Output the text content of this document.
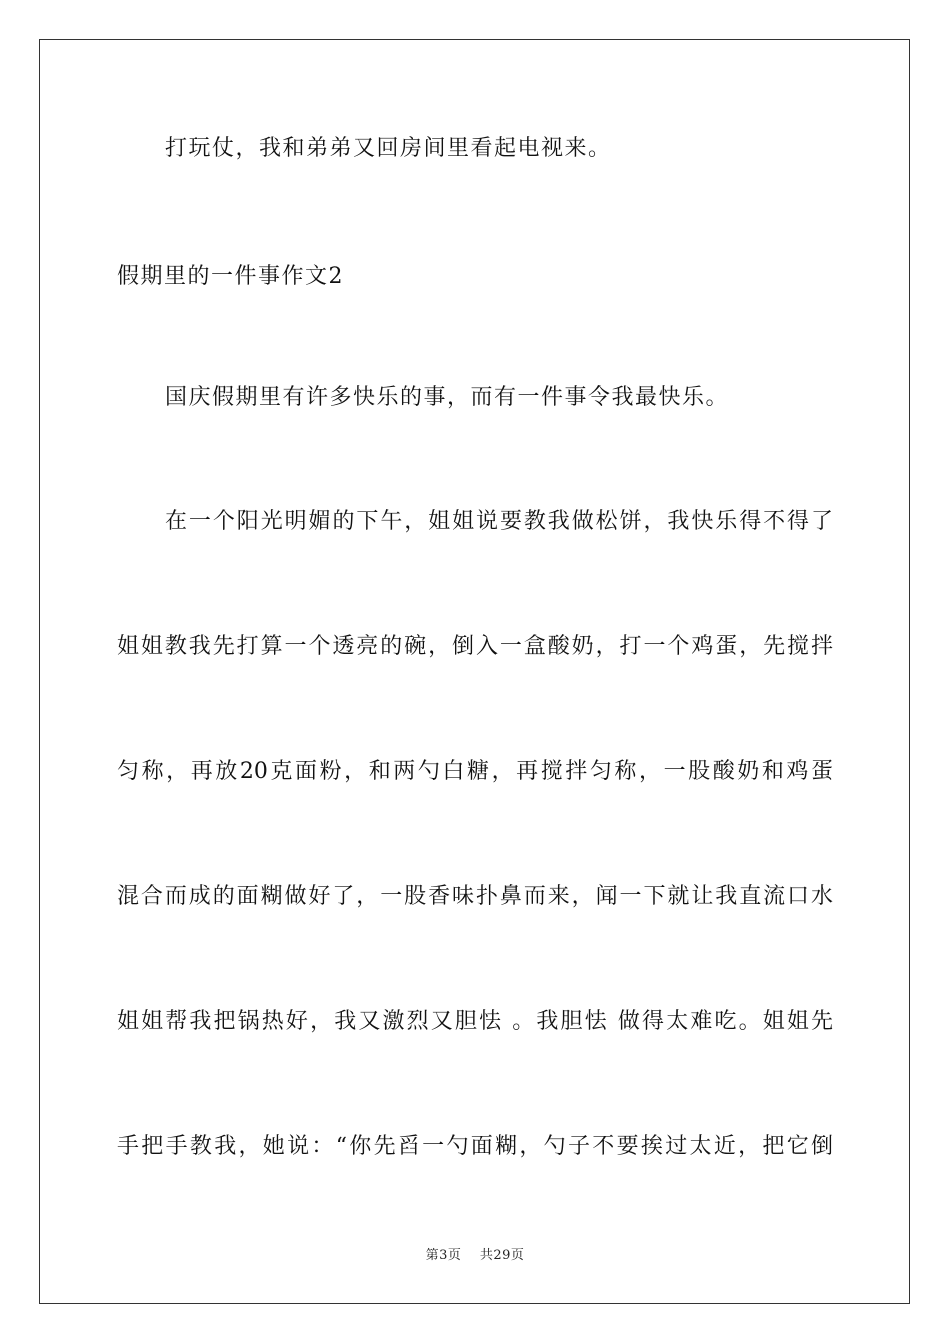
打玩仗，我和弟弟又回房间里看起电视来。
假期里的一件事作文2
国庆假期里有许多快乐的事，而有一件事令我最快乐。
在一个阳光明媚的下午，姐姐说要教我做松饼，我快乐得不得了
姐姐教我先打算一个透亮的碗，倒入一盒酸奶，打一个鸡蛋，先搅拌
匀称，再放20克面粉，和两勺白糖，再搅拌匀称，一股酸奶和鸡蛋
混合而成的面糊做好了，一股香味扑鼻而来，闻一下就让我直流口水
姐姐帮我把锅热好，我又激烈又胆怯 。我胆怯 做得太难吃。姐姐先
手把手教我，她说：“你先舀一勺面糊，勺子不要挨过太近，把它倒
第3页    共29页
